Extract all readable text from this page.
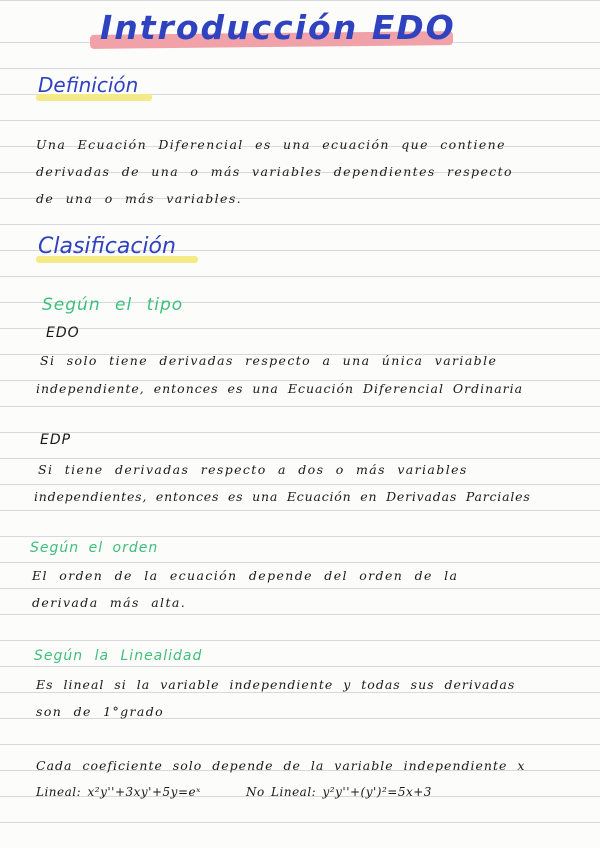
Introducción EDO
Definición
Una Ecuación Diferencial es una ecuación que contiene
derivadas de una o más variables dependientes respecto
de una o más variables.
Clasificación
Según el tipo
EDO
Si solo tiene derivadas respecto a una única variable
independiente, entonces es una Ecuación Diferencial Ordinaria
EDP
Si tiene derivadas respecto a dos o más variables
independientes, entonces es una Ecuación en Derivadas Parciales
Según el orden
El orden de la ecuación depende del orden de la
derivada más alta.
Según la Linealidad
Es lineal si la variable independiente y todas sus derivadas
son de 1°grado
Cada coeficiente solo depende de la variable independiente x
Lineal: x²y''+3xy'+5y=eˣ	No Lineal: y²y''+(y')²=5x+3
